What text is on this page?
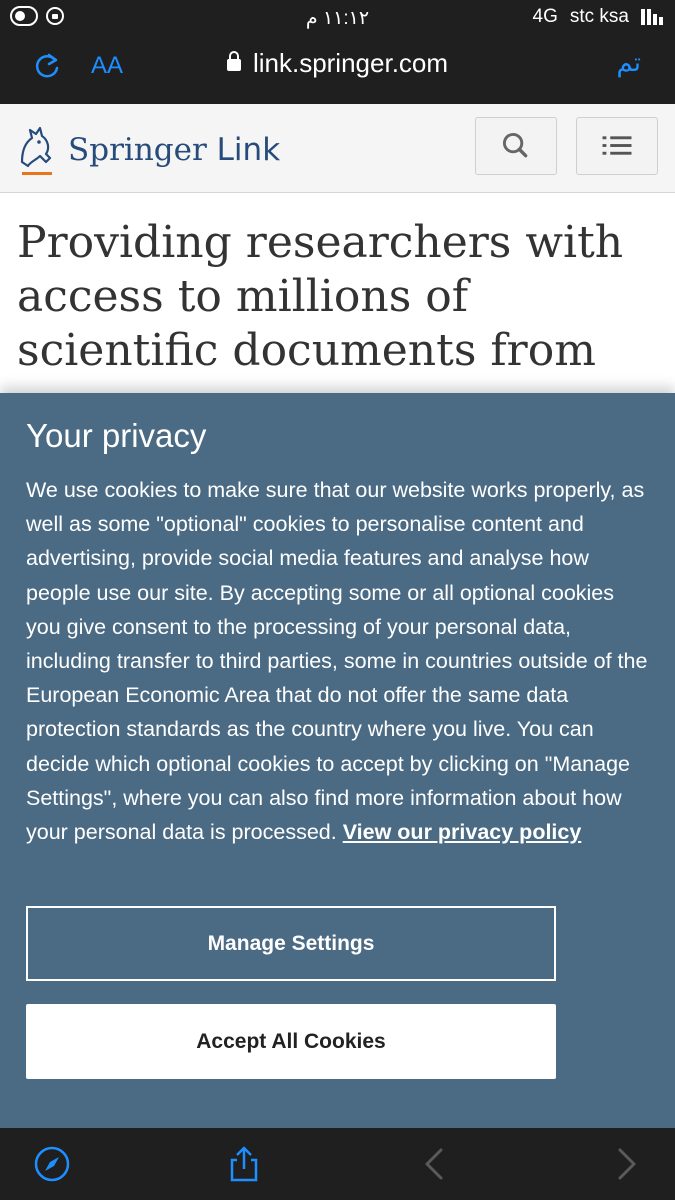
١١:١٢ م	4G stc ksa
AA	link.springer.com	تم
Springer Link
Providing researchers with access to millions of scientific documents from
Your privacy

We use cookies to make sure that our website works properly, as well as some "optional" cookies to personalise content and advertising, provide social media features and analyse how people use our site. By accepting some or all optional cookies you give consent to the processing of your personal data, including transfer to third parties, some in countries outside of the European Economic Area that do not offer the same data protection standards as the country where you live. You can decide which optional cookies to accept by clicking on "Manage Settings", where you can also find more information about how your personal data is processed. View our privacy policy

Manage Settings
Accept All Cookies
